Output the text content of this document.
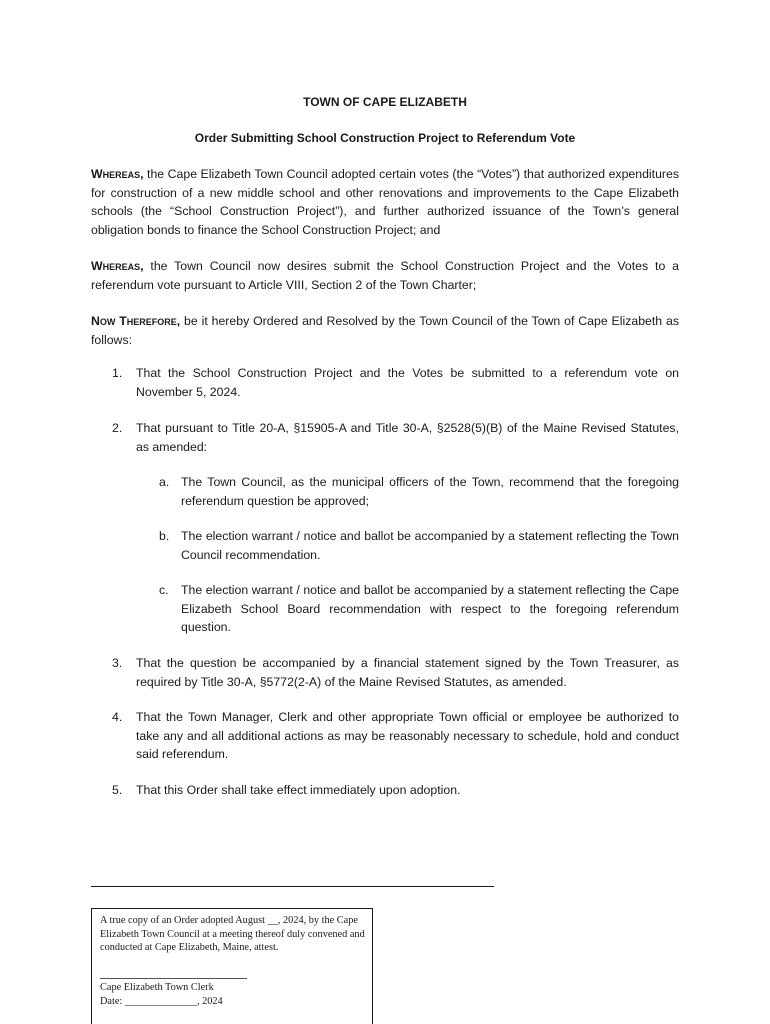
TOWN OF CAPE ELIZABETH

Order Submitting School Construction Project to Referendum Vote

Whereas, the Cape Elizabeth Town Council adopted certain votes (the “Votes”) that authorized expenditures for construction of a new middle school and other renovations and improvements to the Cape Elizabeth schools (the “School Construction Project”), and further authorized issuance of the Town’s general obligation bonds to finance the School Construction Project; and

Whereas, the Town Council now desires submit the School Construction Project and the Votes to a referendum vote pursuant to Article VIII, Section 2 of the Town Charter;

Now Therefore, be it hereby Ordered and Resolved by the Town Council of the Town of Cape Elizabeth as follows:

1. That the School Construction Project and the Votes be submitted to a referendum vote on November 5, 2024.
2. That pursuant to Title 20-A, §15905-A and Title 30-A, §2528(5)(B) of the Maine Revised Statutes, as amended:
a. The Town Council, as the municipal officers of the Town, recommend that the foregoing referendum question be approved;
b. The election warrant / notice and ballot be accompanied by a statement reflecting the Town Council recommendation.
c. The election warrant / notice and ballot be accompanied by a statement reflecting the Cape Elizabeth School Board recommendation with respect to the foregoing referendum question.
3. That the question be accompanied by a financial statement signed by the Town Treasurer, as required by Title 30-A, §5772(2-A) of the Maine Revised Statutes, as amended.
4. That the Town Manager, Clerk and other appropriate Town official or employee be authorized to take any and all additional actions as may be reasonably necessary to schedule, hold and conduct said referendum.
5. That this Order shall take effect immediately upon adoption.

A true copy of an Order adopted August __, 2024, by the Cape Elizabeth Town Council at a meeting thereof duly convened and conducted at Cape Elizabeth, Maine, attest.

Cape Elizabeth Town Clerk

Date: ______________, 2024
